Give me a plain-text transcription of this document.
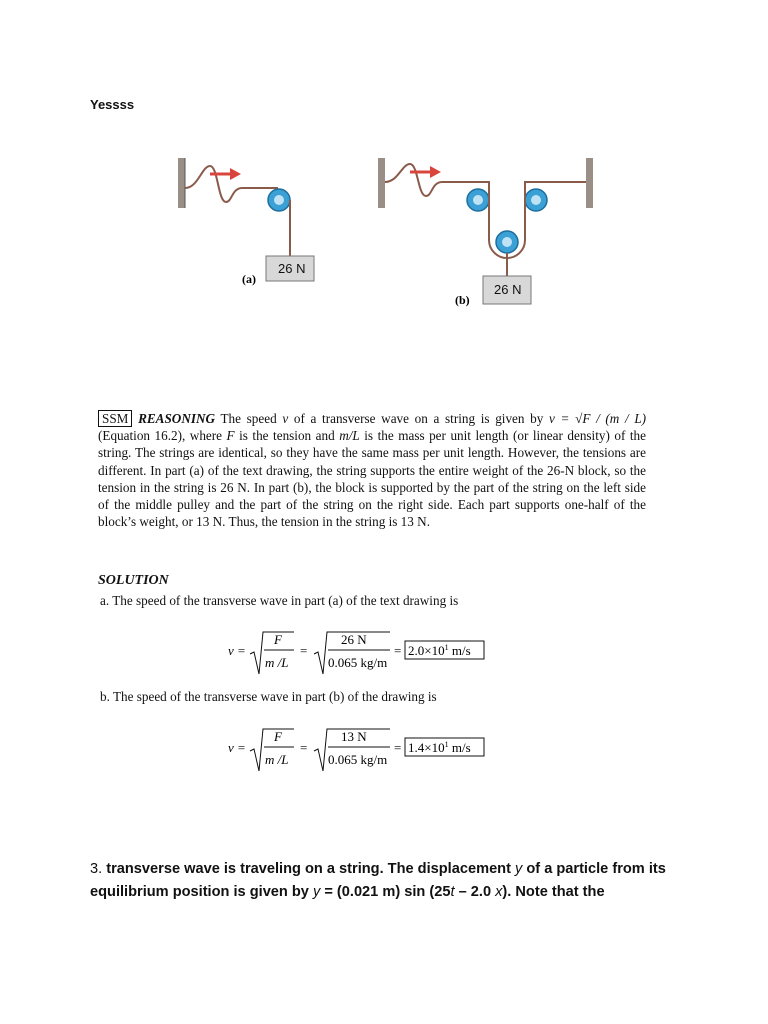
Yessss
26 N
(a)
26 N
(b)

SSM REASONING The speed v of a transverse wave on a string is given by v = √F / (m / L) (Equation 16.2), where F is the tension and m/L is the mass per unit length (or linear density) of the string. The strings are identical, so they have the same mass per unit length. However, the tensions are different. In part (a) of the text drawing, the string supports the entire weight of the 26-N block, so the tension in the string is 26 N. In part (b), the block is supported by the part of the string on the left side of the middle pulley and the part of the string on the right side. Each part supports one-half of the block’s weight, or 13 N. Thus, the tension in the string is 13 N.

SOLUTION
a. The speed of the transverse wave in part (a) of the text drawing is
v =
F
m /L
=
26 N
0.065 kg/m
= $2.0\times 10^1$ m/s
b. The speed of the transverse wave in part (b) of the drawing is
v =
F
m /L
=
13 N
0.065 kg/m
= $1.4\times 10^1$ m/s
3. transverse wave is traveling on a string. The displacement y of a particle from its equilibrium position is given by y = (0.021 m) sin (25t – 2.0 x). Note that the
